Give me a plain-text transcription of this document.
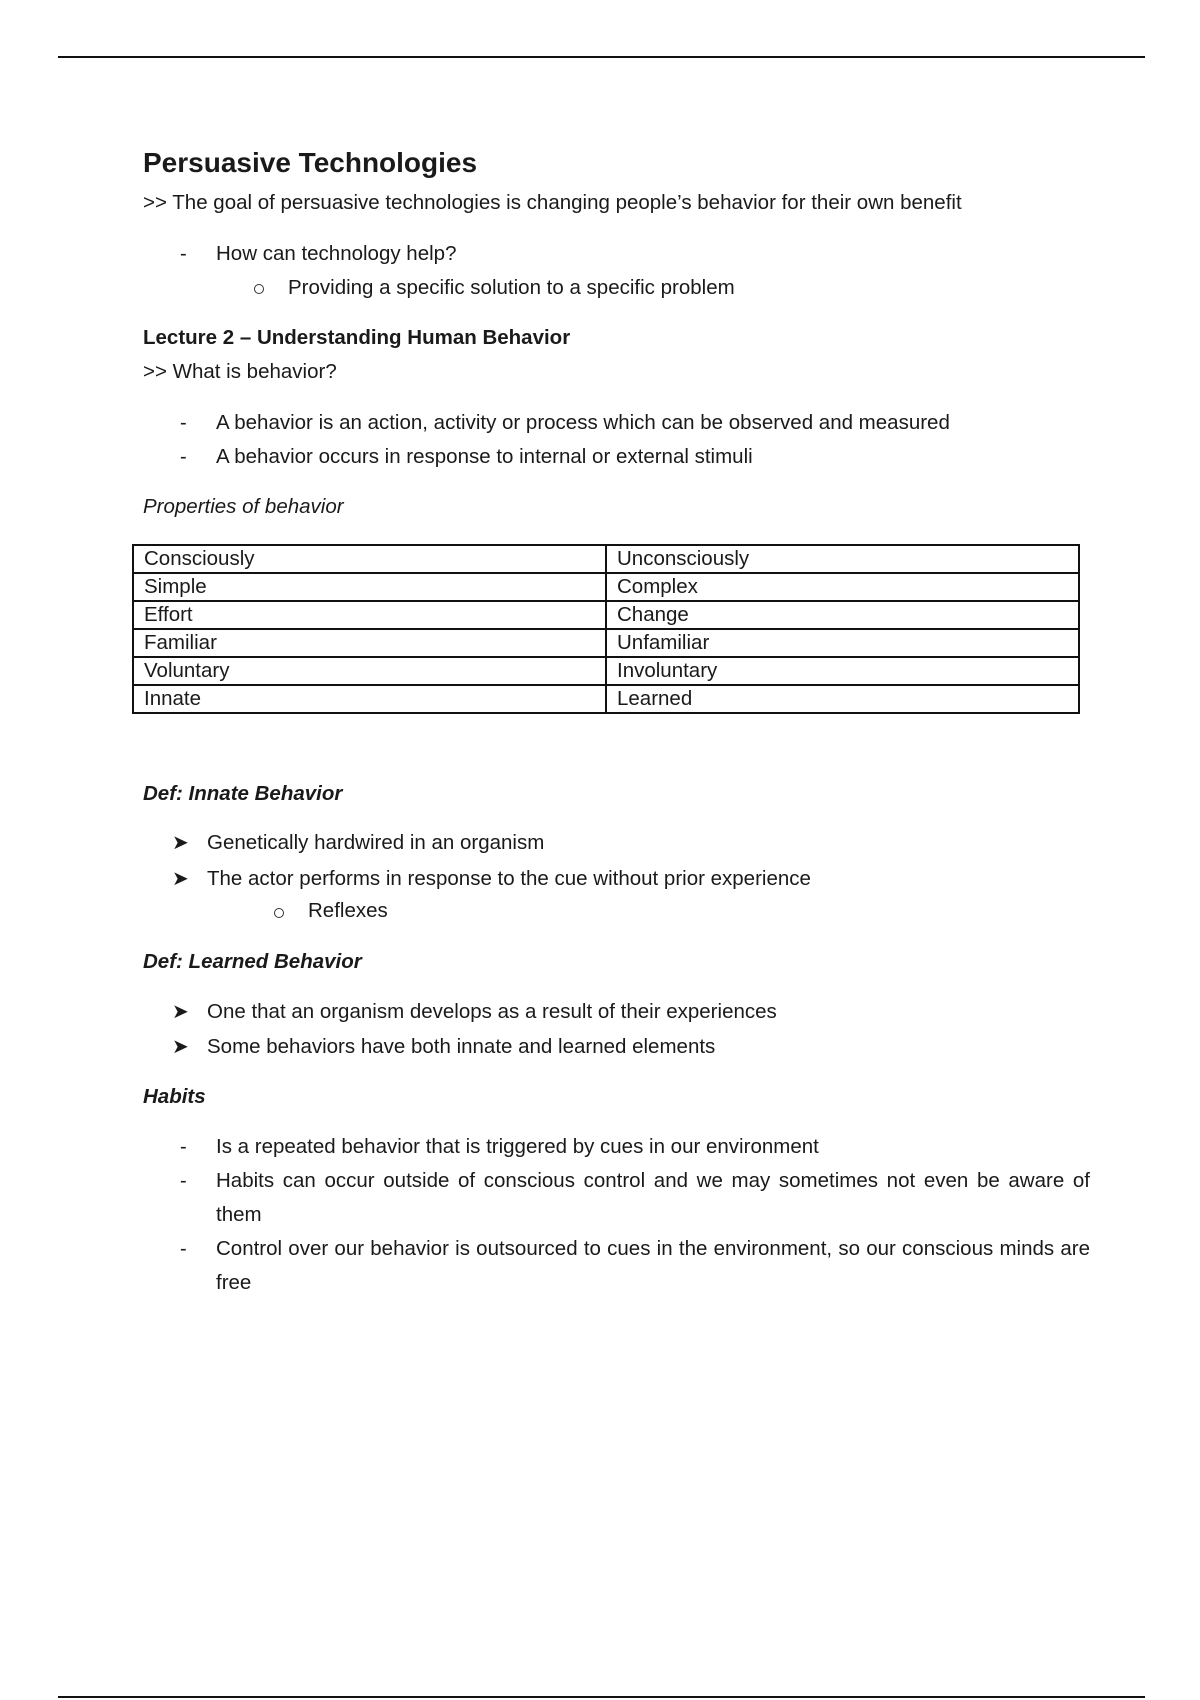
Persuasive Technologies
>> The goal of persuasive technologies is changing people’s behavior for their own benefit
- How can technology help?
Providing a specific solution to a specific problem
Lecture 2 – Understanding Human Behavior
>> What is behavior?
- A behavior is an action, activity or process which can be observed and measured
- A behavior occurs in response to internal or external stimuli
Properties of behavior
Consciously	Unconsciously
Simple	Complex
Effort	Change
Familiar	Unfamiliar
Voluntary	Involuntary
Innate	Learned
Def: Innate Behavior
➤ Genetically hardwired in an organism
➤ The actor performs in response to the cue without prior experience
Reflexes
Def: Learned Behavior
➤ One that an organism develops as a result of their experiences
➤ Some behaviors have both innate and learned elements
Habits
- Is a repeated behavior that is triggered by cues in our environment
- Habits can occur outside of conscious control and we may sometimes not even be aware of them
- Control over our behavior is outsourced to cues in the environment, so our conscious minds are free
